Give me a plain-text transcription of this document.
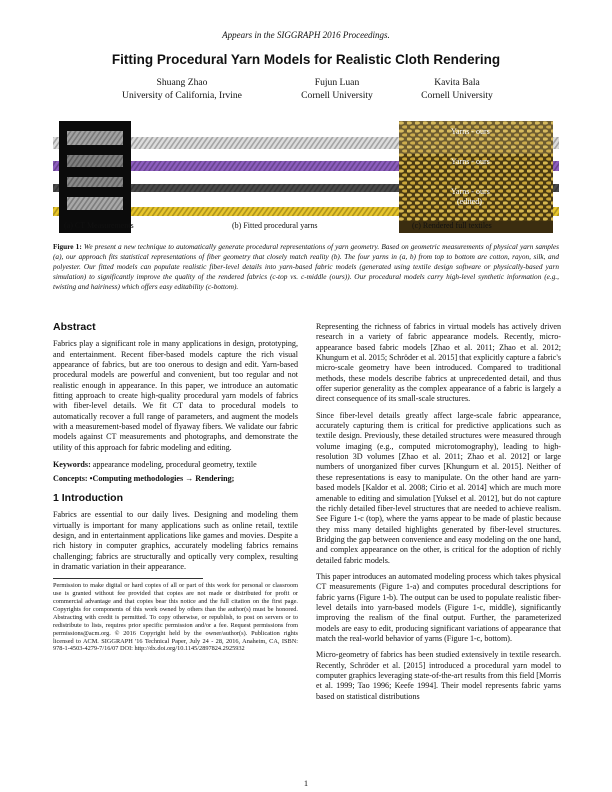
Appears in the SIGGRAPH 2016 Proceedings.
Fitting Procedural Yarn Models for Realistic Cloth Rendering
Shuang Zhao
University of California, Irvine
Fujun Luan
Cornell University
Kavita Bala
Cornell University
Yarns - ours
Yarns - ours
Yarns - ours
(edited)
(a) CT Measurements	(b) Fitted procedural yarns	(c) Rendered full textiles
Figure 1: We present a new technique to automatically generate procedural representations of yarn geometry. Based on geometric measurements of physical yarn samples (a), our approach fits statistical representations of fiber geometry that closely match reality (b). The four yarns in (a, b) from top to bottom are cotton, rayon, silk, and polyester. Our fitted models can populate realistic fiber-level details into yarn-based fabric models (generated using textile design software or physically-based yarn simulation) to significantly improve the quality of the rendered fabrics (c-top vs. c-middle (ours)). Our procedural models carry high-level synthetic information (e.g., twisting and hairiness) which offers easy editability (c-bottom).
Abstract

Fabrics play a significant role in many applications in design, prototyping, and entertainment. Recent fiber-based models capture the rich visual appearance of fabrics, but are too onerous to design and edit. Yarn-based procedural models are powerful and convenient, but too regular and not realistic enough in appearance. In this paper, we introduce an automatic fitting approach to create high-quality procedural yarn models of fabrics with fiber-level details. We fit CT data to procedural models to automatically recover a full range of parameters, and augment the models with a measurement-based model of flyaway fibers. We validate our fabric models against CT measurements and photographs, and demonstrate the utility of this approach for fabric modeling and editing.

Keywords: appearance modeling, procedural geometry, textile

Concepts: •Computing methodologies → Rendering;

1 Introduction

Fabrics are essential to our daily lives. Designing and modeling them virtually is important for many applications such as online retail, textile design, and in entertainment applications like games and movies. Despite a rich history in computer graphics, accurately modeling fabrics remains challenging; fabrics are structurally and optically very complex, resulting in dramatic variation in their appearance.

Permission to make digital or hard copies of all or part of this work for personal or classroom use is granted without fee provided that copies are not made or distributed for profit or commercial advantage and that copies bear this notice and the full citation on the first page. Copyrights for components of this work owned by others than the author(s) must be honored. Abstracting with credit is permitted. To copy otherwise, or republish, to post on servers or to redistribute to lists, requires prior specific permission and/or a fee. Request permissions from permissions@acm.org. © 2016 Copyright held by the owner/author(s). Publication rights licensed to ACM. SIGGRAPH '16 Technical Paper, July 24 - 28, 2016, Anaheim, CA, ISBN: 978-1-4503-4279-7/16/07 DOI: http://dx.doi.org/10.1145/2897824.2925932

Representing the richness of fabrics in virtual models has actively driven research in a variety of fabric appearance models. Recently, micro-appearance based fabric models [Zhao et al. 2011; Zhao et al. 2012; Khungurn et al. 2015; Schröder et al. 2015] that explicitly capture a fabric's micro-scale geometry have been introduced. Compared to traditional methods, these models describe fabrics at unprecedented detail, and thus offer superior generality as the complex appearance of a fabric is largely a direct consequence of its small-scale structures.

Since fiber-level details greatly affect large-scale fabric appearance, accurately capturing them is critical for predictive applications such as textile design. Previously, these detailed structures were measured through volume imaging (e.g., computed microtomography), leading to high-resolution 3D volumes [Zhao et al. 2011; Zhao et al. 2012] or large numbers of unorganized fiber curves [Khungurn et al. 2015]. Neither of these representations is easy to manipulate. On the other hand are yarn-based models [Kaldor et al. 2008; Cirio et al. 2014] which are much more amenable to editing and simulation [Yuksel et al. 2012], but do not capture the richly detailed fiber-level structures that are needed to achieve realism. See Figure 1-c (top), where the yarns appear to be made of plastic because they miss many detailed highlights generated by fiber-level structures. Bridging the gap between convenience and easy modeling on the one hand, and complex appearance on the other, is critical for the adoption of richly detailed fabric models.

This paper introduces an automated modeling process which takes physical CT measurements (Figure 1-a) and computes procedural descriptions for fabric yarns (Figure 1-b). The output can be used to populate realistic fiber-level details into yarn-based models (Figure 1-c, middle), significantly improving the realism of the final output. Further, the parameterized models are easy to edit, producing significant variations of appearance that match the real-world behavior of yarns (Figure 1-c, bottom).

Micro-geometry of fabrics has been studied extensively in textile research. Recently, Schröder et al. [2015] introduced a procedural yarn model to computer graphics leveraging state-of-the-art results from this field [Morris et al. 1999; Tao 1996; Keefe 1994]. Their model represents fabric yarns based on statistical distributions

1
